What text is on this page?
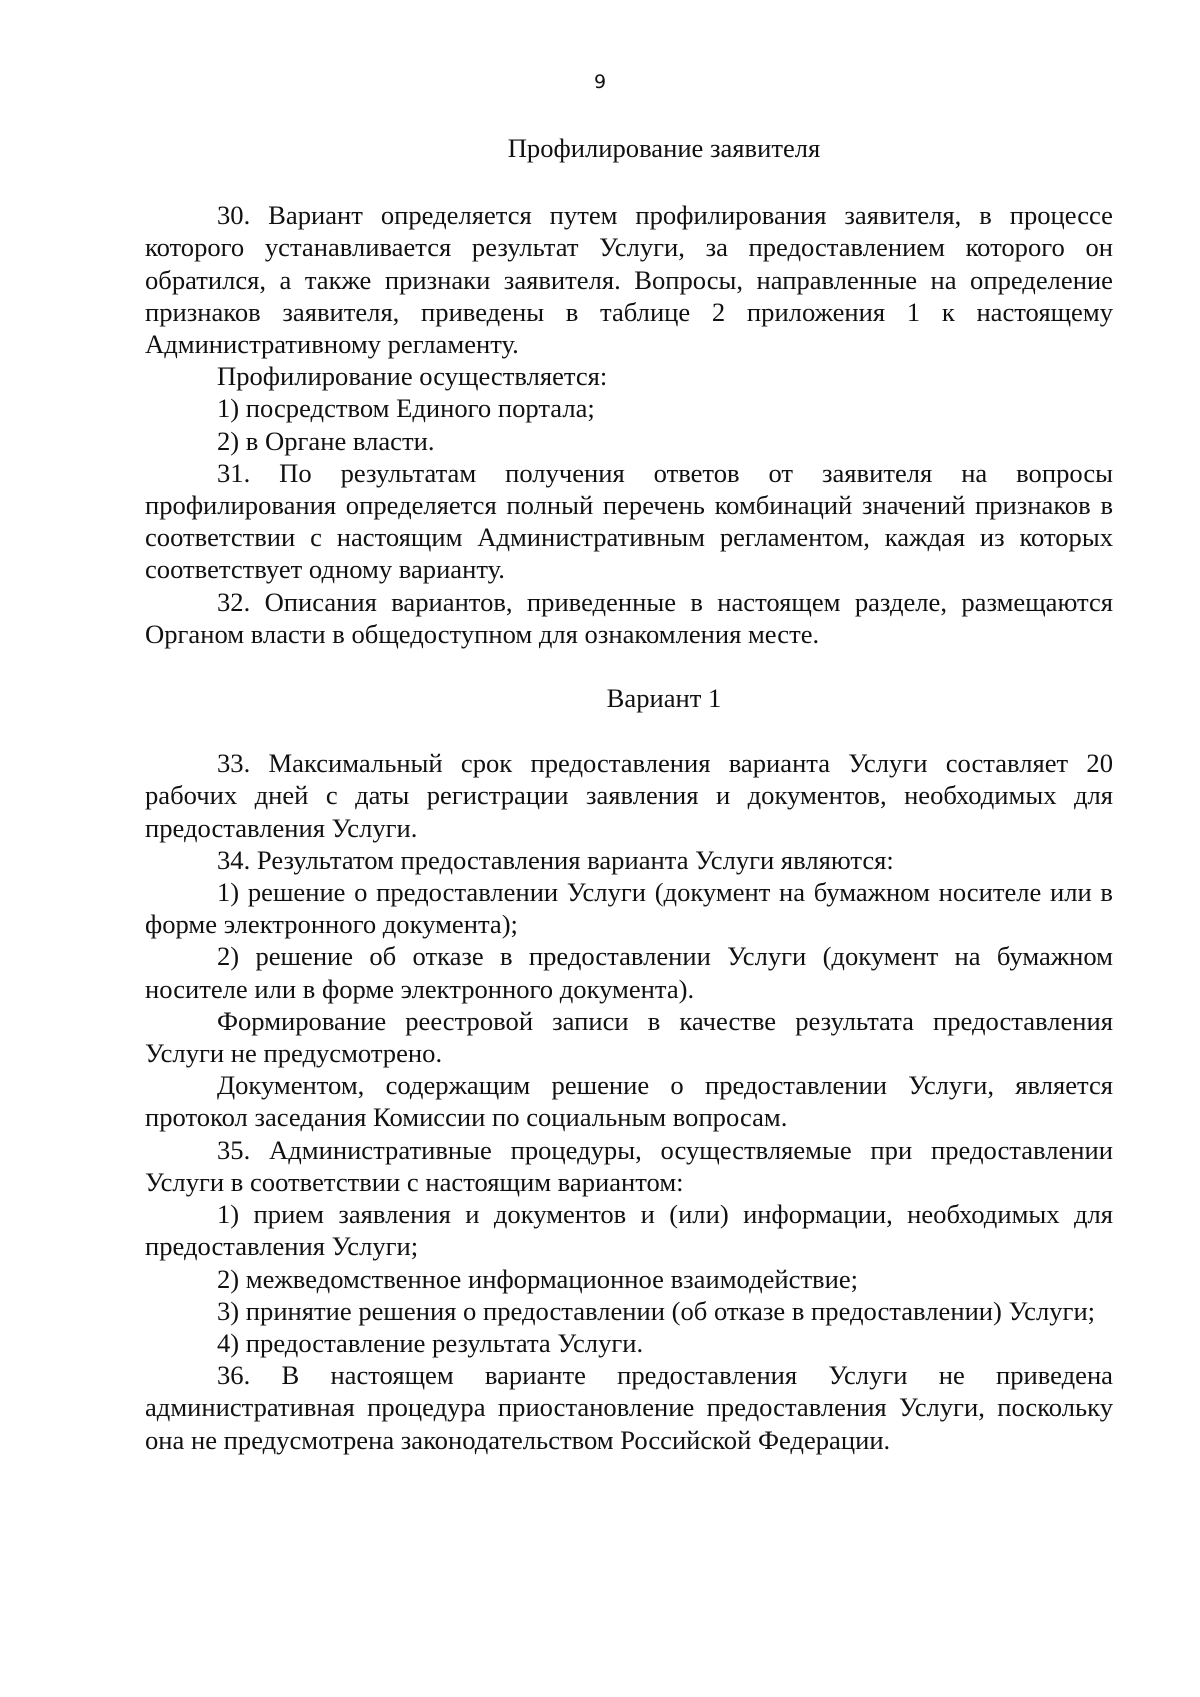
9
Профилирование заявителя

30. Вариант определяется путем профилирования заявителя, в процессе которого устанавливается результат Услуги, за предоставлением которого он обратился, а также признаки заявителя. Вопросы, направленные на определение признаков заявителя, приведены в таблице 2 приложения 1 к настоящему Административному регламенту.

Профилирование осуществляется:

1) посредством Единого портала;

2) в Органе власти.

31. По результатам получения ответов от заявителя на вопросы профилирования определяется полный перечень комбинаций значений признаков в соответствии с настоящим Административным регламентом, каждая из которых соответствует одному варианту.

32. Описания вариантов, приведенные в настоящем разделе, размещаются Органом власти в общедоступном для ознакомления месте.

Вариант 1

33. Максимальный срок предоставления варианта Услуги составляет 20 рабочих дней с даты регистрации заявления и документов, необходимых для предоставления Услуги.

34. Результатом предоставления варианта Услуги являются:

1) решение о предоставлении Услуги (документ на бумажном носителе или в форме электронного документа);

2) решение об отказе в предоставлении Услуги (документ на бумажном носителе или в форме электронного документа).

Формирование реестровой записи в качестве результата предоставления Услуги не предусмотрено.

Документом, содержащим решение о предоставлении Услуги, является протокол заседания Комиссии по социальным вопросам.

35. Административные процедуры, осуществляемые при предоставлении Услуги в соответствии с настоящим вариантом:

1) прием заявления и документов и (или) информации, необходимых для предоставления Услуги;

2) межведомственное информационное взаимодействие;

3) принятие решения о предоставлении (об отказе в предоставлении) Услуги;

4) предоставление результата Услуги.

36. В настоящем варианте предоставления Услуги не приведена административная процедура приостановление предоставления Услуги, поскольку она не предусмотрена законодательством Российской Федерации.
